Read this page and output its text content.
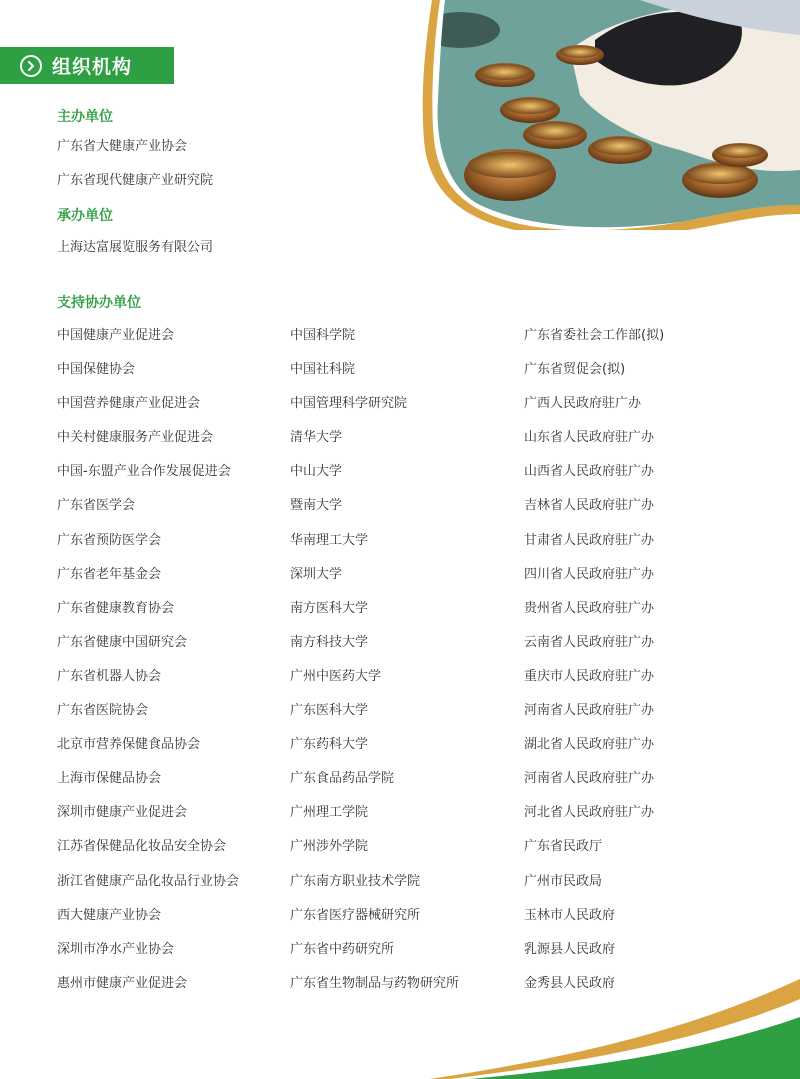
组织机构
主办单位
广东省大健康产业协会
广东省现代健康产业研究院
承办单位
上海达富展览服务有限公司
支持协办单位
中国健康产业促进会	中国科学院	广东省委社会工作部(拟)
中国保健协会	中国社科院	广东省贸促会(拟)
中国营养健康产业促进会	中国管理科学研究院	广西人民政府驻广办
中关村健康服务产业促进会	清华大学	山东省人民政府驻广办
中国-东盟产业合作发展促进会	中山大学	山西省人民政府驻广办
广东省医学会	暨南大学	吉林省人民政府驻广办
广东省预防医学会	华南理工大学	甘肃省人民政府驻广办
广东省老年基金会	深圳大学	四川省人民政府驻广办
广东省健康教育协会	南方医科大学	贵州省人民政府驻广办
广东省健康中国研究会	南方科技大学	云南省人民政府驻广办
广东省机器人协会	广州中医药大学	重庆市人民政府驻广办
广东省医院协会	广东医科大学	河南省人民政府驻广办
北京市营养保健食品协会	广东药科大学	湖北省人民政府驻广办
上海市保健品协会	广东食品药品学院	河南省人民政府驻广办
深圳市健康产业促进会	广州理工学院	河北省人民政府驻广办
江苏省保健品化妆品安全协会	广州涉外学院	广东省民政厅
浙江省健康产品化妆品行业协会	广东南方职业技术学院	广州市民政局
西大健康产业协会	广东省医疗器械研究所	玉林市人民政府
深圳市净水产业协会	广东省中药研究所	乳源县人民政府
惠州市健康产业促进会	广东省生物制品与药物研究所	金秀县人民政府
